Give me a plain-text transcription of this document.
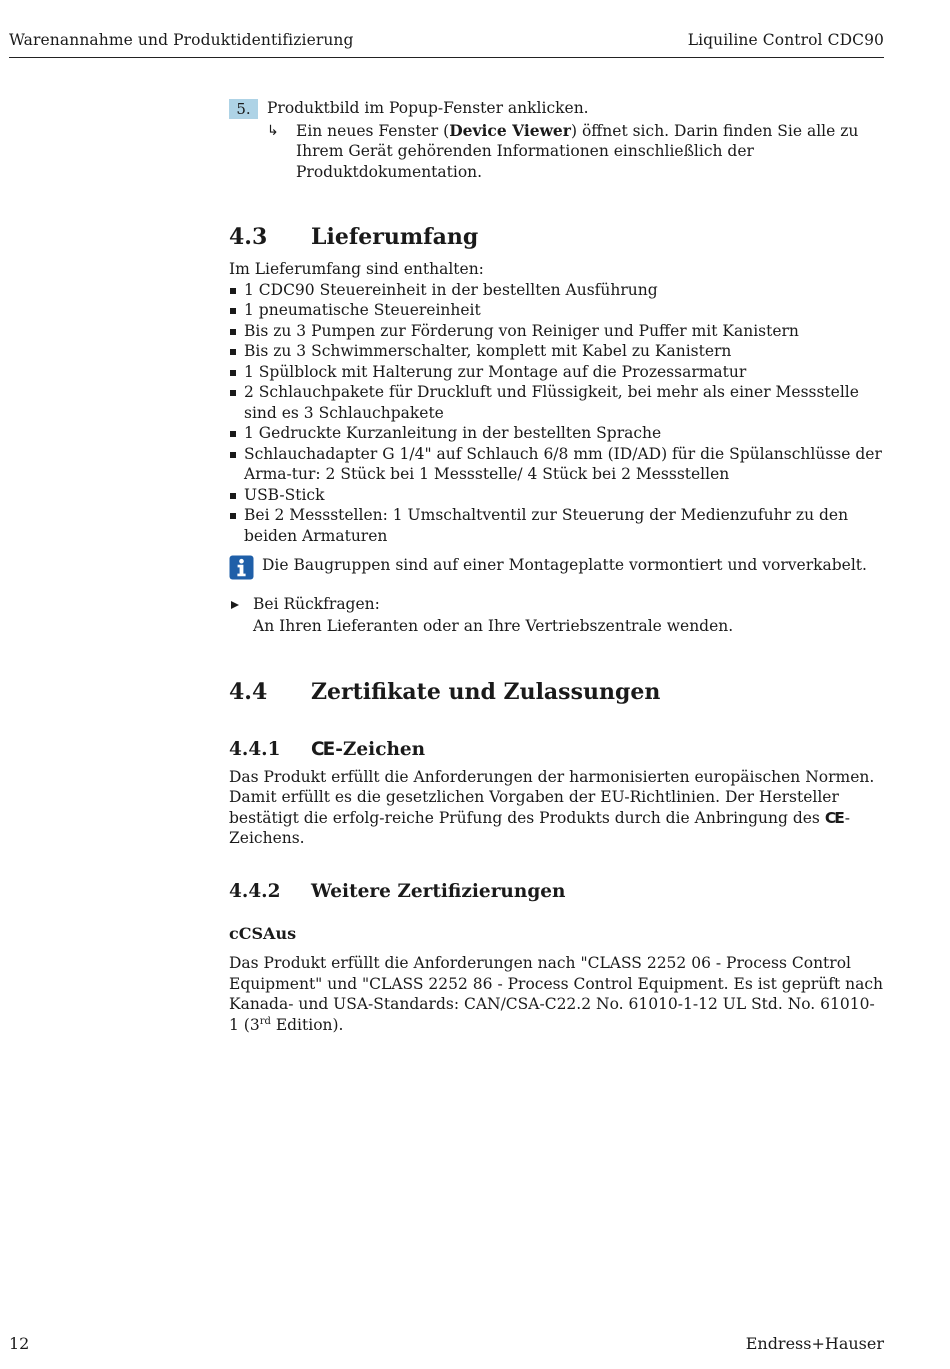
Warenannahme und Produktidentifizierung	Liquiline Control CDC90
5.	Produktbild im Popup-Fenster anklicken.
↳ Ein neues Fenster (Device Viewer) öffnet sich. Darin finden Sie alle zu Ihrem Gerät gehörenden Informationen einschließlich der Produktdokumentation.
4.3 Lieferumfang
Im Lieferumfang sind enthalten:
1 CDC90 Steuereinheit in der bestellten Ausführung
1 pneumatische Steuereinheit
Bis zu 3 Pumpen zur Förderung von Reiniger und Puffer mit Kanistern
Bis zu 3 Schwimmerschalter, komplett mit Kabel zu Kanistern
1 Spülblock mit Halterung zur Montage auf die Prozessarmatur
2 Schlauchpakete für Druckluft und Flüssigkeit, bei mehr als einer Messstelle sind es 3 Schlauchpakete
1 Gedruckte Kurzanleitung in der bestellten Sprache
Schlauchadapter G 1/4" auf Schlauch 6/8 mm (ID/AD) für die Spülanschlüsse der Arma-tur: 2 Stück bei 1 Messstelle/ 4 Stück bei 2 Messstellen
USB-Stick
Bei 2 Messstellen: 1 Umschaltventil zur Steuerung der Medienzufuhr zu den beiden Armaturen
Die Baugruppen sind auf einer Montageplatte vormontiert und vorverkabelt.
Bei Rückfragen:
An Ihren Lieferanten oder an Ihre Vertriebszentrale wenden.
4.4 Zertifikate und Zulassungen
4.4.1 CE -Zeichen
Das Produkt erfüllt die Anforderungen der harmonisierten europäischen Normen. Damit erfüllt es die gesetzlichen Vorgaben der EU-Richtlinien. Der Hersteller bestätigt die erfolg-reiche Prüfung des Produkts durch die Anbringung des CE -Zeichens.
4.4.2 Weitere Zertifizierungen
cCSAus
Das Produkt erfüllt die Anforderungen nach "CLASS 2252 06 - Process Control Equipment" und "CLASS 2252 86 - Process Control Equipment. Es ist geprüft nach Kanada- und USA-Standards: CAN/CSA-C22.2 No. 61010-1-12 UL Std. No. 61010-1 (3rd Edition).
12	Endress+Hauser
